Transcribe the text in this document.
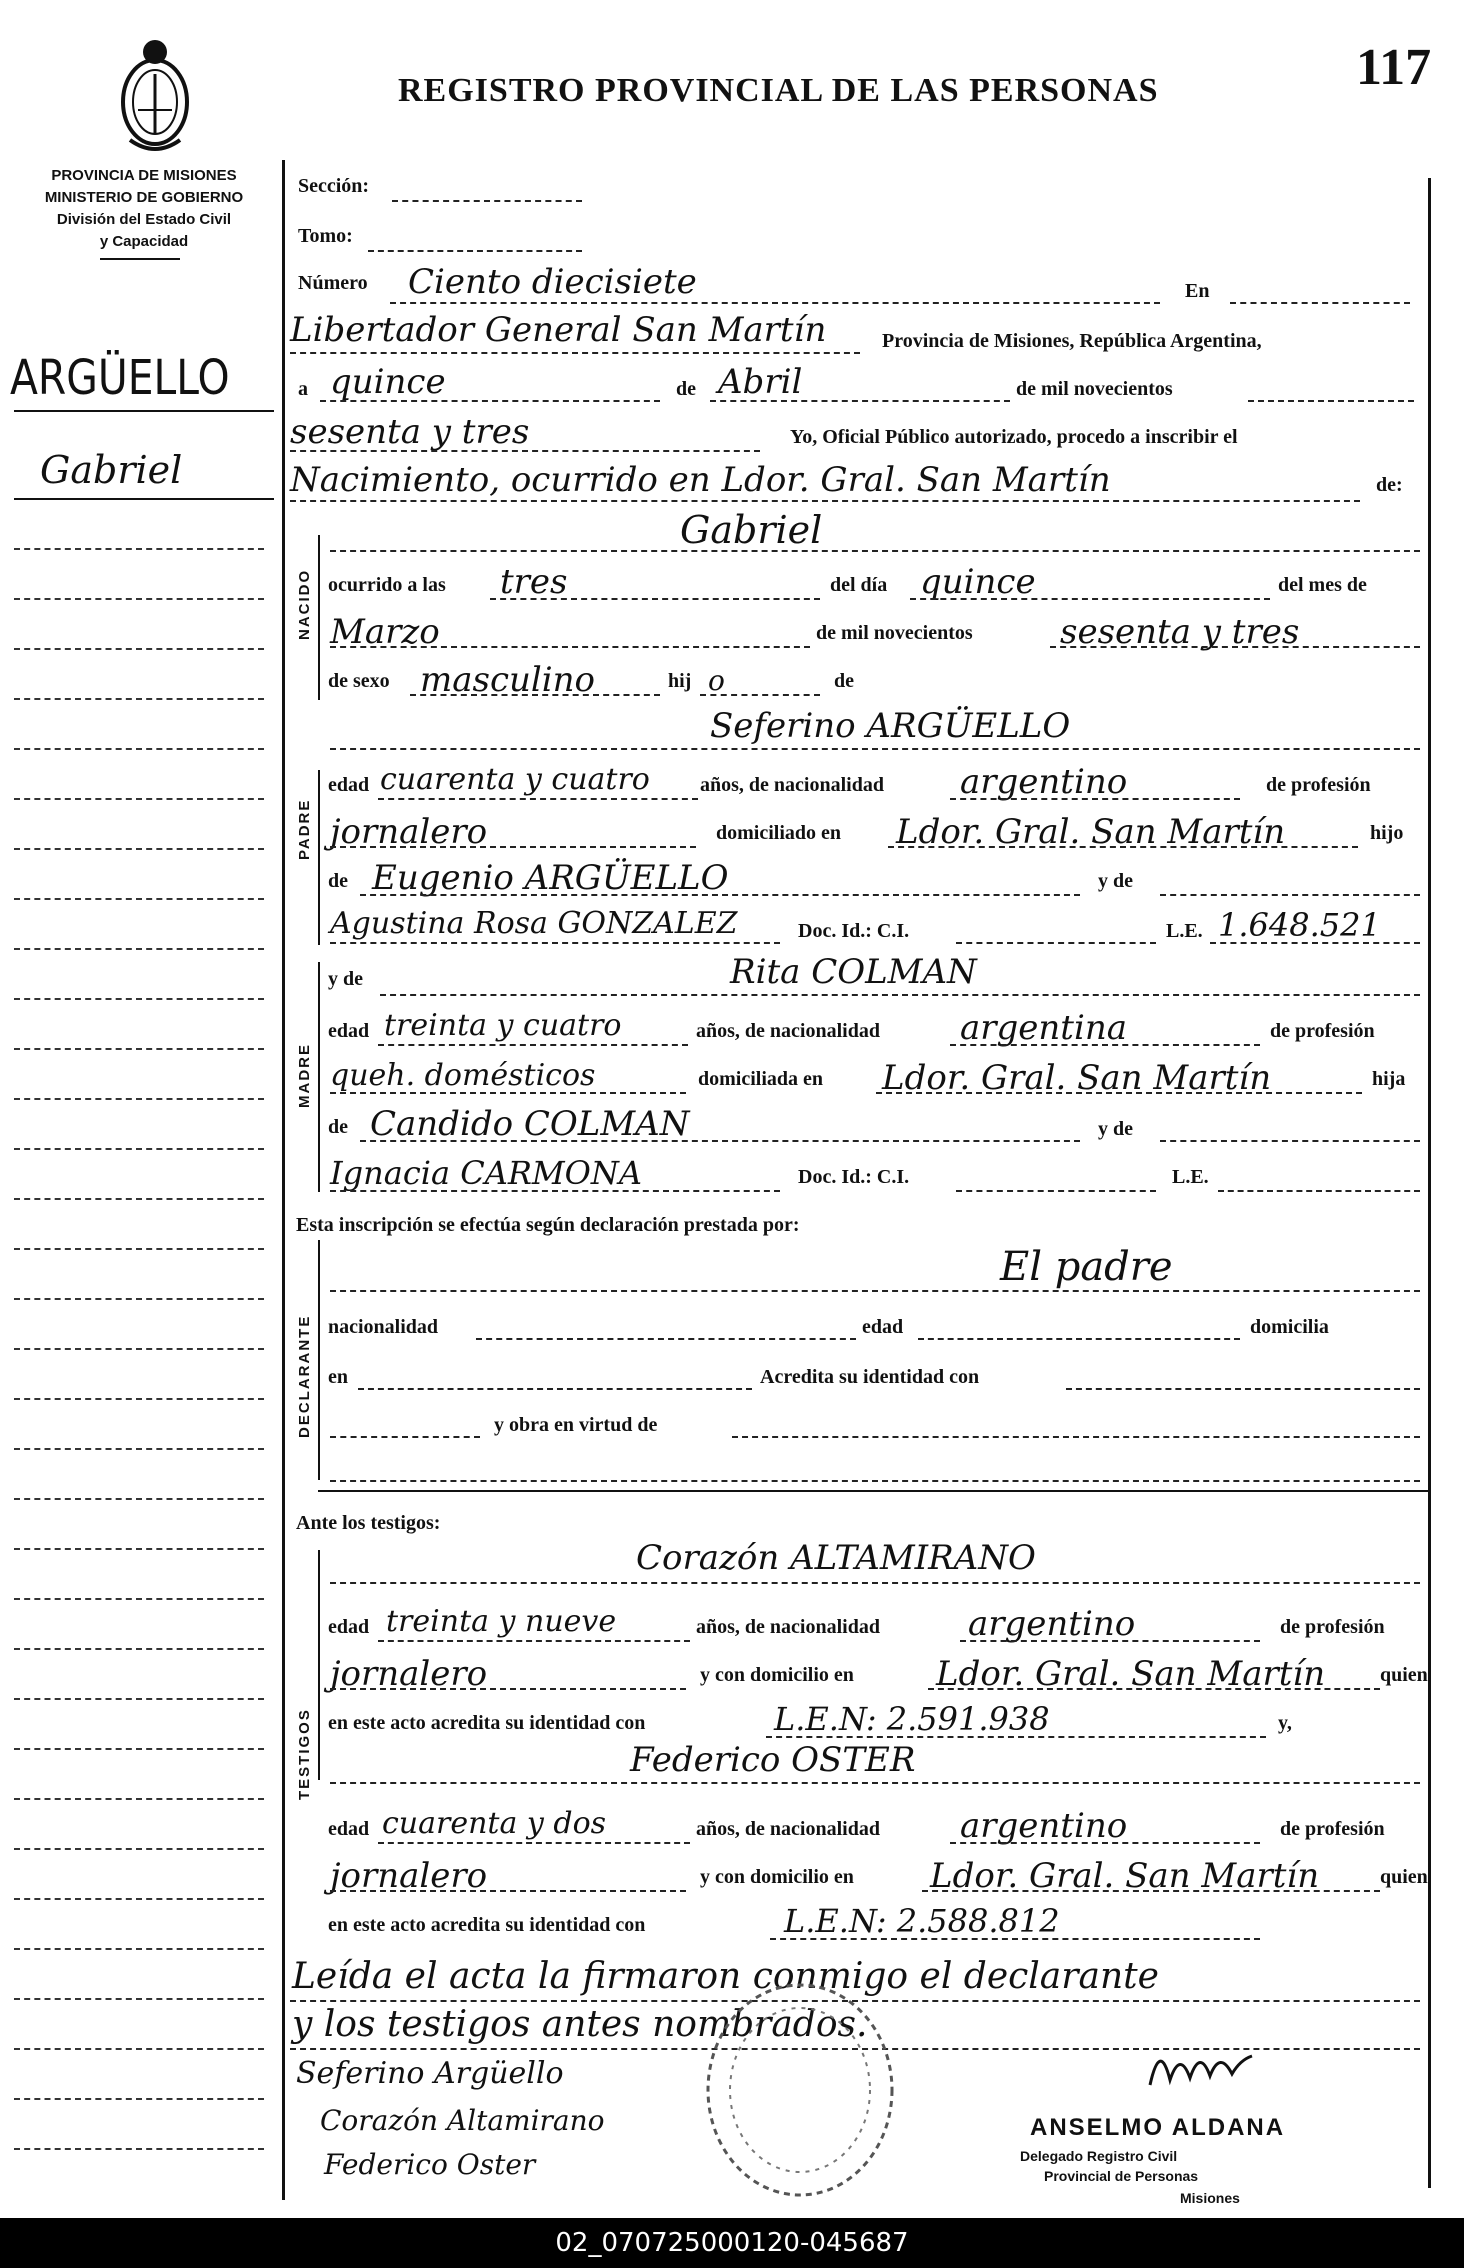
REGISTRO PROVINCIAL DE LAS PERSONAS	117
PROVINCIA DE MISIONES
MINISTERIO DE GOBIERNO
División del Estado Civil
y Capacidad
ARGÜELLO
Gabriel
NACIDO
PADRE
MADRE
DECLARANTE
TESTIGOS
Sección:
Tomo:
Número Ciento diecisiete	En
Libertador General San Martín	Provincia de Misiones, República Argentina,
a quince	de Abril	de mil novecientos
sesenta y tres	Yo, Oficial Público autorizado, procedo a inscribir el
Nacimiento, ocurrido en Ldor. Gral. San Martín	de:
Gabriel
ocurrido a las tres	del día quince	del mes de
Marzo	de mil novecientos	sesenta y tres
de sexo masculino	hij o	de
Seferino ARGÜELLO
edad cuarenta y cuatro	años, de nacionalidad argentino	de profesión
jornalero	domiciliado en Ldor. Gral. San Martín	hijo
de Eugenio ARGÜELLO	y de
Agustina Rosa GONZALEZ	Doc. Id.: C.I.	L.E. 1.648.521
y de	Rita COLMAN
edad treinta y cuatro	años, de nacionalidad argentina	de profesión
queh. domésticos	domiciliada en Ldor. Gral. San Martín	hija
de Candido COLMAN	y de
Ignacia CARMONA	Doc. Id.: C.I.	L.E.
Esta inscripción se efectúa según declaración prestada por:
El padre
nacionalidad	edad	domicilia
en	Acredita su identidad con
y obra en virtud de
Ante los testigos:
Corazón ALTAMIRANO
edad treinta y nueve	años, de nacionalidad	argentino	de profesión
jornalero	y con domicilio en Ldor. Gral. San Martín	quien
en este acto acredita su identidad con	L.E.N: 2.591.938	y,
Federico OSTER
edad cuarenta y dos	años, de nacionalidad argentino	de profesión
jornalero	y con domicilio en Ldor. Gral. San Martín	quien
en este acto acredita su identidad con	L.E.N: 2.588.812
Leída el acta la firmaron conmigo el declarante
y los testigos antes nombrados.
Seferino Argüello
Corazón Altamirano
Federico Oster
ANSELMO ALDANA
Delegado Registro Civil
Provincial de Personas
Misiones
02_070725000120-045687
